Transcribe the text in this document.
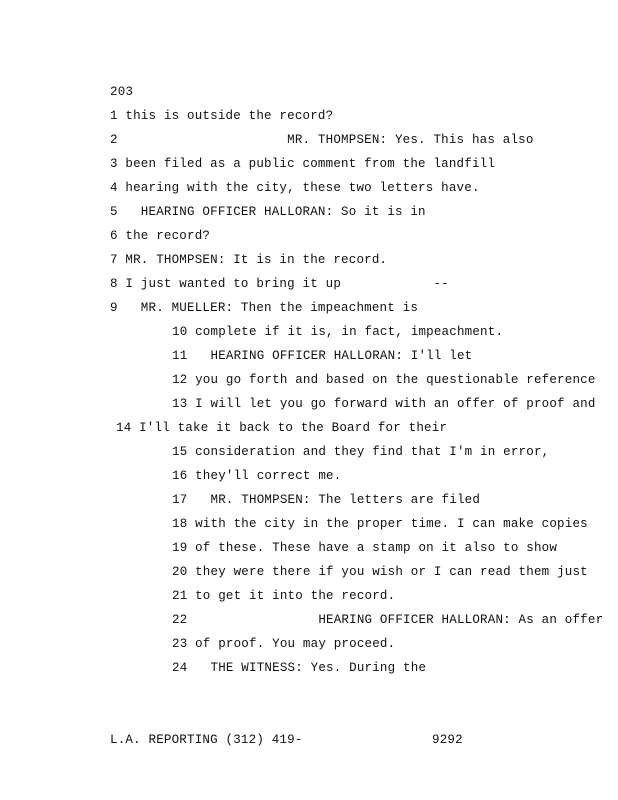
203
1 this is outside the record?
2                      MR. THOMPSEN: Yes. This has also
3 been filed as a public comment from the landfill
4 hearing with the city, these two letters have.
5   HEARING OFFICER HALLORAN: So it is in
6 the record?
7 MR. THOMPSEN: It is in the record.
8 I just wanted to bring it up            --
9   MR. MUELLER: Then the impeachment is
10 complete if it is, in fact, impeachment.
11   HEARING OFFICER HALLORAN: I'll let
12 you go forth and based on the questionable reference
13 I will let you go forward with an offer of proof and
14 I'll take it back to the Board for their
15 consideration and they find that I'm in error,
16 they'll correct me.
17   MR. THOMPSEN: The letters are filed
18 with the city in the proper time. I can make copies
19 of these. These have a stamp on it also to show
20 they were there if you wish or I can read them just
21 to get it into the record.
22                 HEARING OFFICER HALLORAN: As an offer
23 of proof. You may proceed.
24   THE WITNESS: Yes. During the
L.A. REPORTING (312) 419-	9292
